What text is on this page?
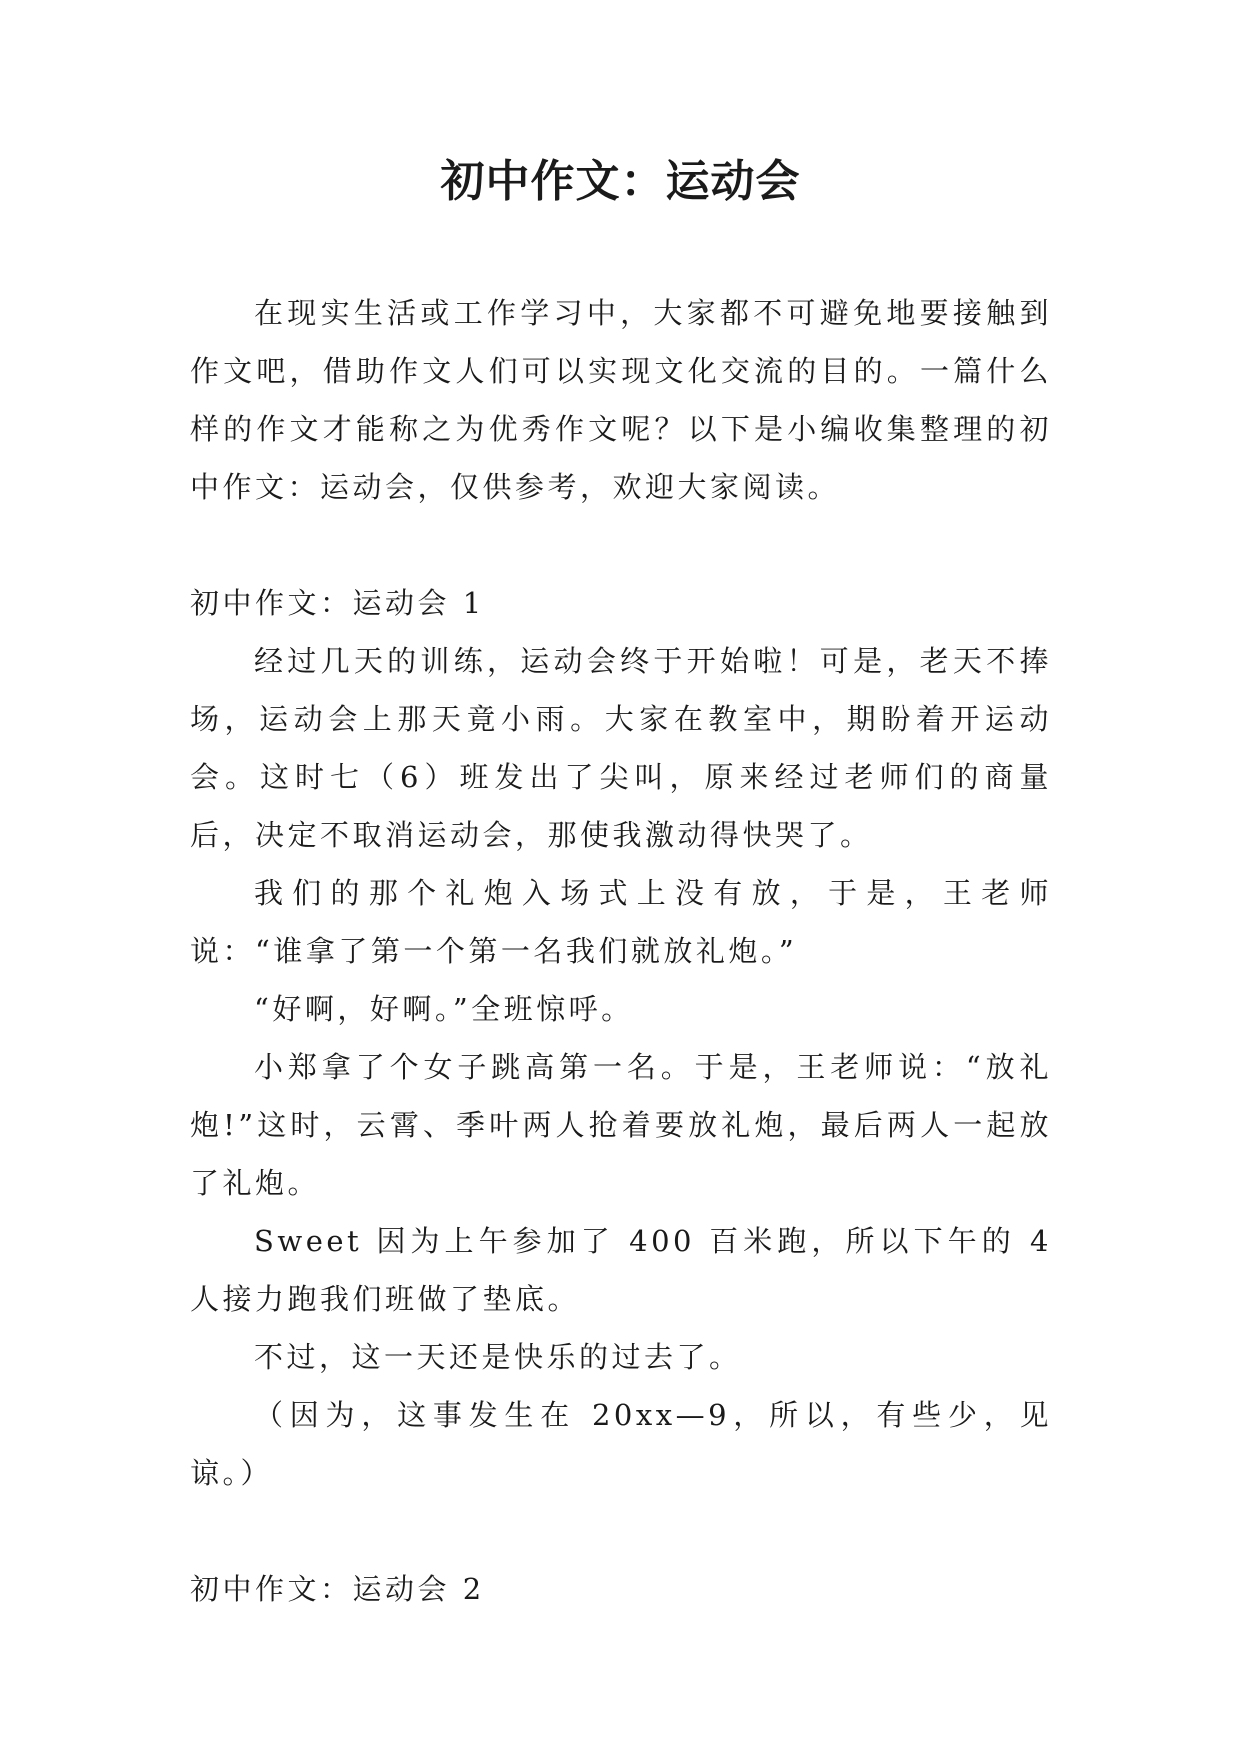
初中作文：运动会

在现实生活或工作学习中，大家都不可避免地要接触到作文吧，借助作文人们可以实现文化交流的目的。一篇什么样的作文才能称之为优秀作文呢？以下是小编收集整理的初中作文：运动会，仅供参考，欢迎大家阅读。

初中作文：运动会 1

经过几天的训练，运动会终于开始啦！可是，老天不捧场，运动会上那天竟小雨。大家在教室中，期盼着开运动会。这时七（6）班发出了尖叫，原来经过老师们的商量后，决定不取消运动会，那使我激动得快哭了。

我们的那个礼炮入场式上没有放，于是，王老师说：“谁拿了第一个第一名我们就放礼炮。”

“好啊，好啊。”全班惊呼。

小郑拿了个女子跳高第一名。于是，王老师说：“放礼炮!”这时，云霄、季叶两人抢着要放礼炮，最后两人一起放了礼炮。

Sweet 因为上午参加了 400 百米跑，所以下午的 4 人接力跑我们班做了垫底。

不过，这一天还是快乐的过去了。

（因为，这事发生在 20xx—9，所以，有些少，见谅。）

初中作文：运动会 2
